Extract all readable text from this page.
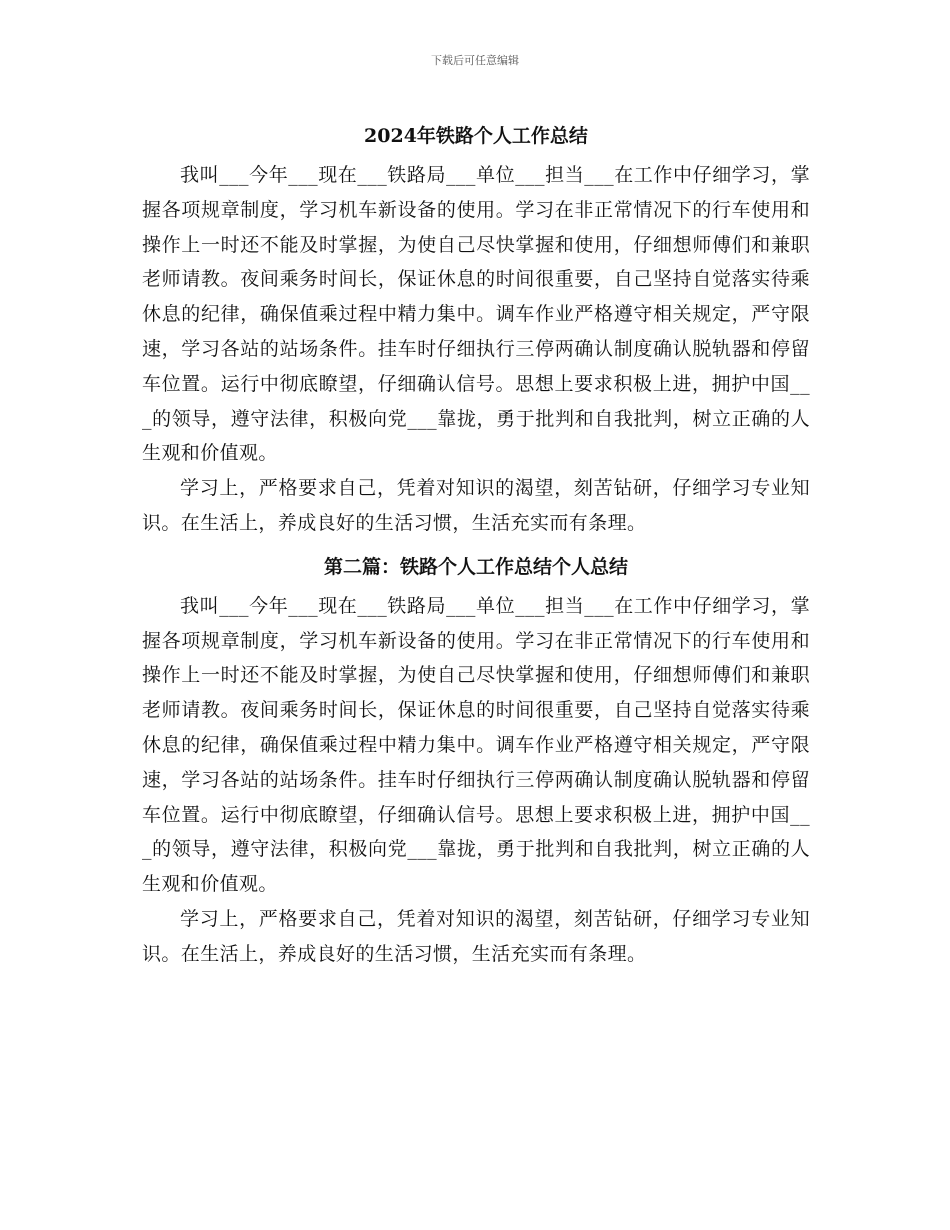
下载后可任意编辑
2024年铁路个人工作总结

我叫___今年___现在___铁路局___单位___担当___在工作中仔细学习，掌握各项规章制度，学习机车新设备的使用。学习在非正常情况下的行车使用和操作上一时还不能及时掌握，为使自己尽快掌握和使用，仔细想师傅们和兼职老师请教。夜间乘务时间长，保证休息的时间很重要，自己坚持自觉落实待乘休息的纪律，确保值乘过程中精力集中。调车作业严格遵守相关规定，严守限速，学习各站的站场条件。挂车时仔细执行三停两确认制度确认脱轨器和停留车位置。运行中彻底瞭望，仔细确认信号。思想上要求积极上进，拥护中国___的领导，遵守法律，积极向党___靠拢，勇于批判和自我批判，树立正确的人生观和价值观。

学习上，严格要求自己，凭着对知识的渴望，刻苦钻研，仔细学习专业知识。在生活上，养成良好的生活习惯，生活充实而有条理。

第二篇：铁路个人工作总结个人总结

我叫___今年___现在___铁路局___单位___担当___在工作中仔细学习，掌握各项规章制度，学习机车新设备的使用。学习在非正常情况下的行车使用和操作上一时还不能及时掌握，为使自己尽快掌握和使用，仔细想师傅们和兼职老师请教。夜间乘务时间长，保证休息的时间很重要，自己坚持自觉落实待乘休息的纪律，确保值乘过程中精力集中。调车作业严格遵守相关规定，严守限速，学习各站的站场条件。挂车时仔细执行三停两确认制度确认脱轨器和停留车位置。运行中彻底瞭望，仔细确认信号。思想上要求积极上进，拥护中国___的领导，遵守法律，积极向党___靠拢，勇于批判和自我批判，树立正确的人生观和价值观。

学习上，严格要求自己，凭着对知识的渴望，刻苦钻研，仔细学习专业知识。在生活上，养成良好的生活习惯，生活充实而有条理。
